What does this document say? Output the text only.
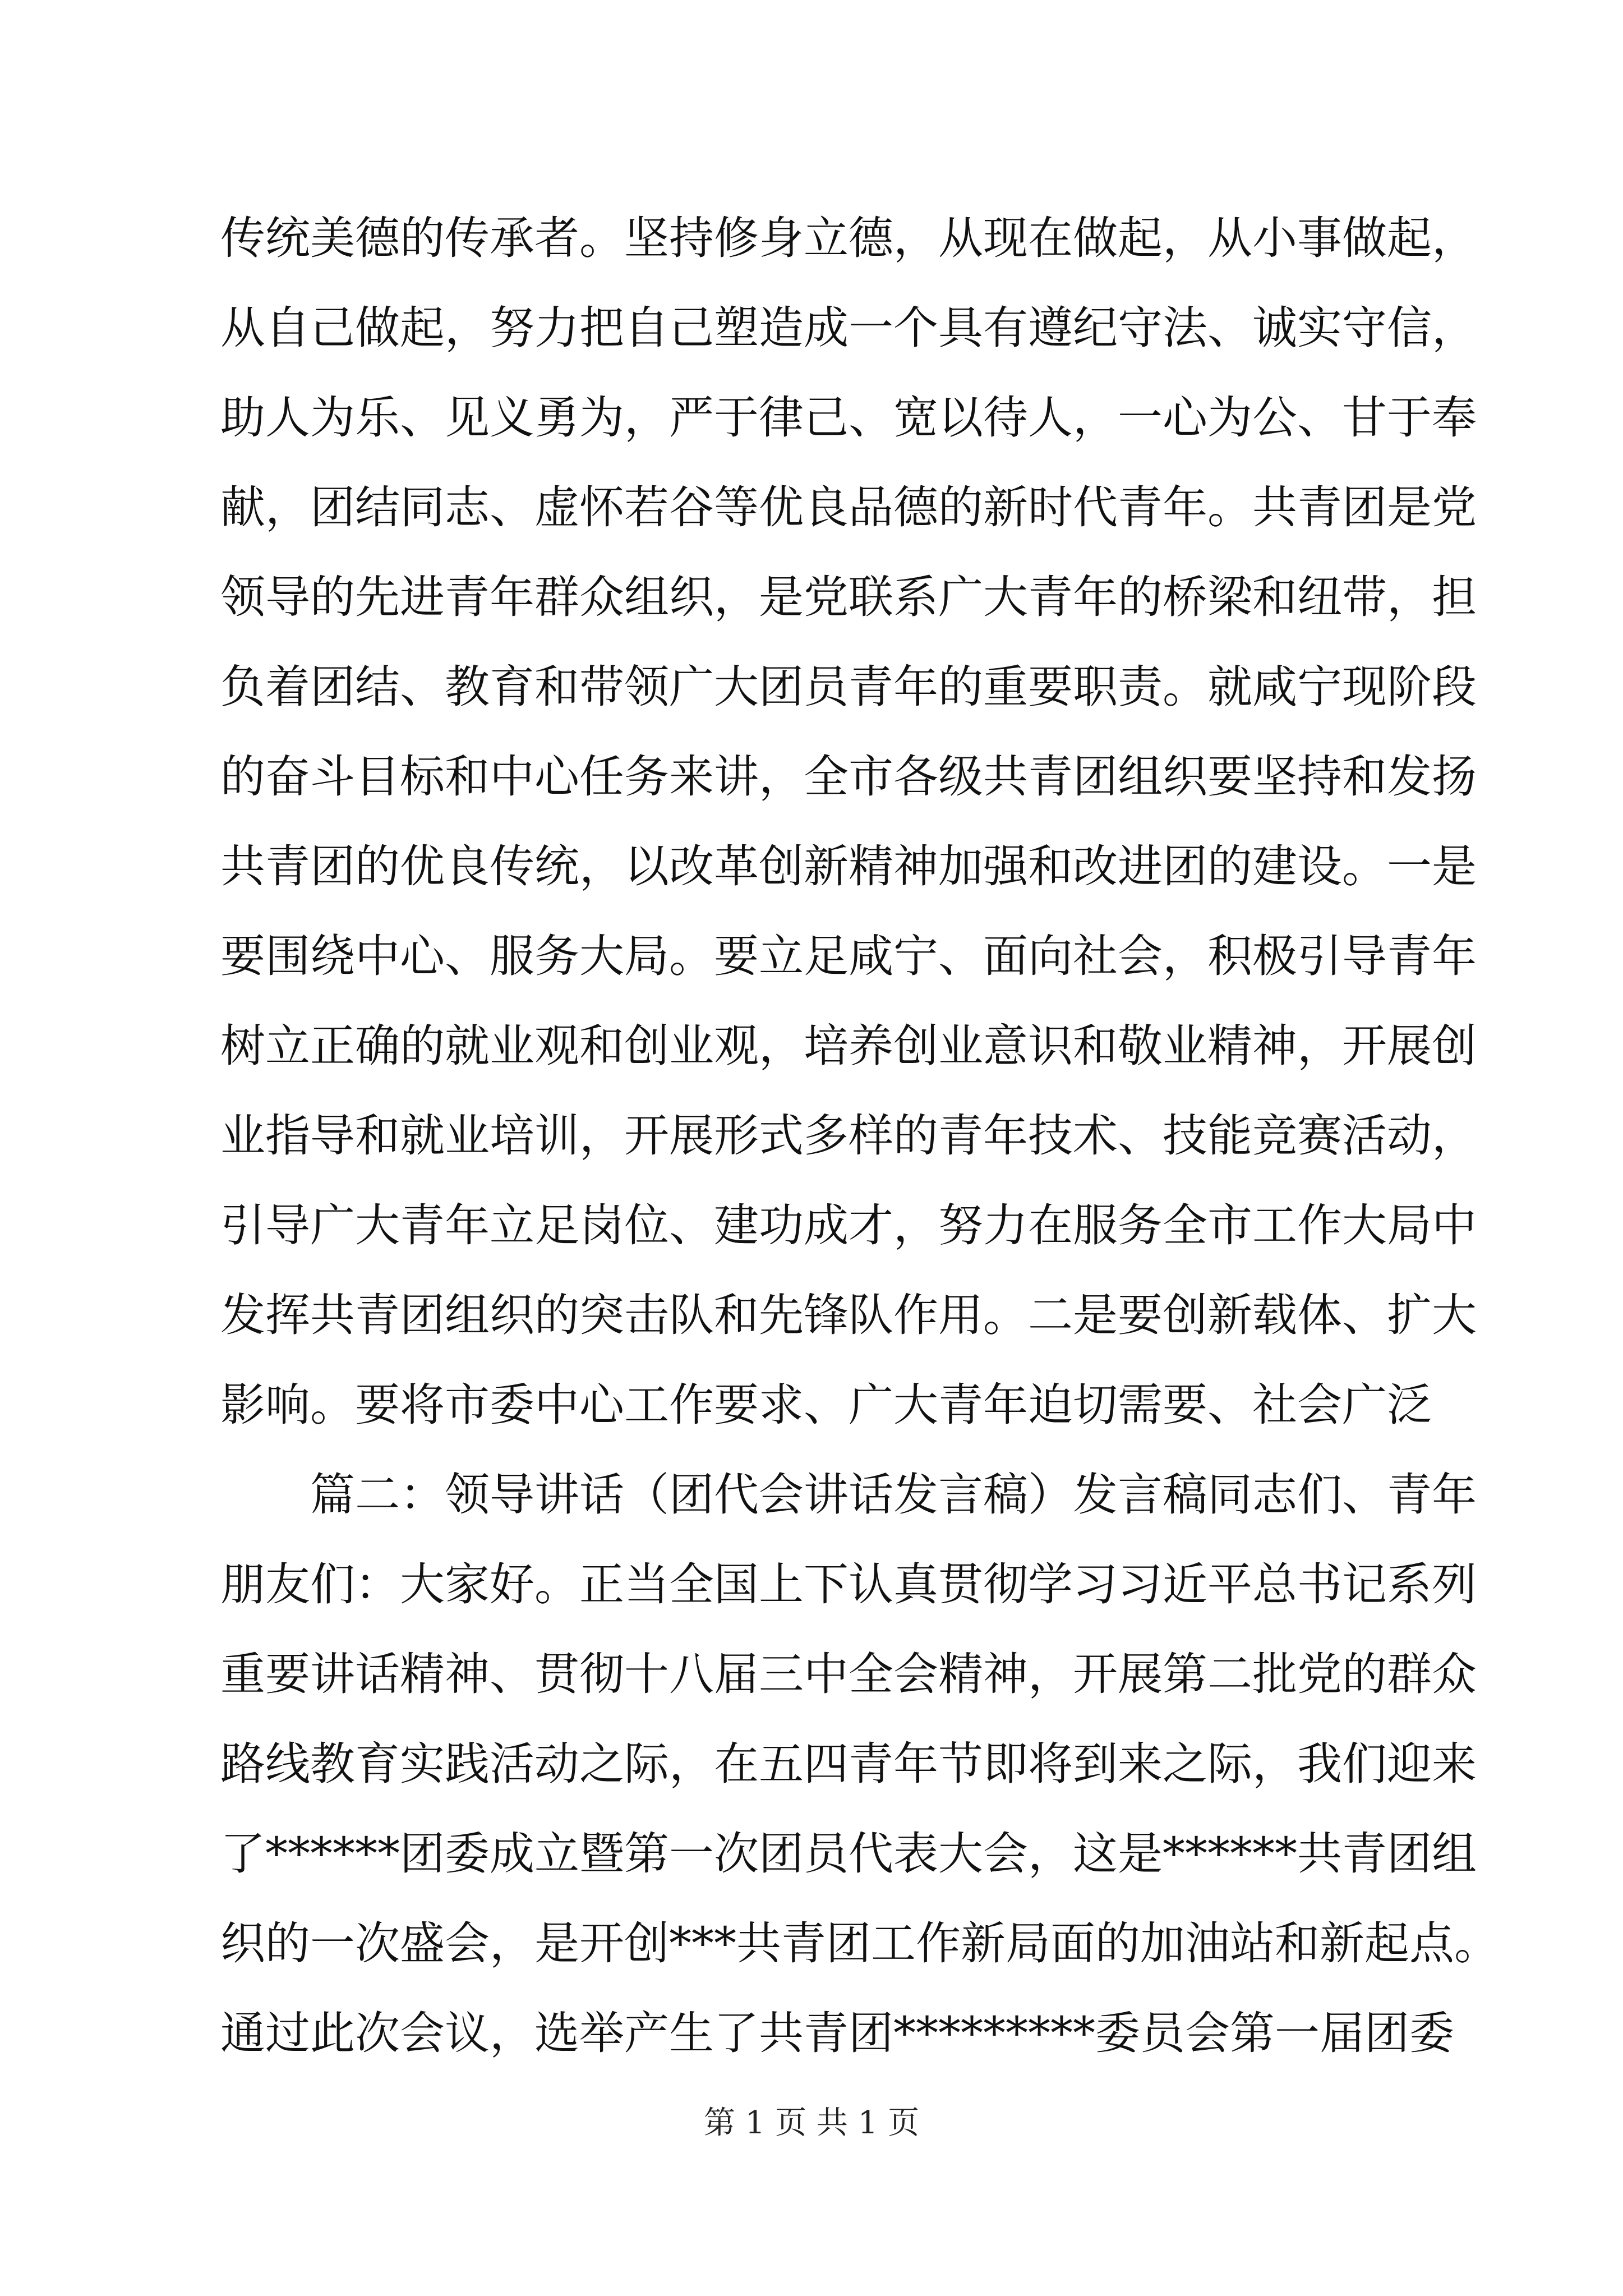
传统美德的传承者。坚持修身立德，从现在做起，从小事做起，
从自己做起，努力把自己塑造成一个具有遵纪守法、诚实守信，
助人为乐、见义勇为，严于律己、宽以待人，一心为公、甘于奉
献，团结同志、虚怀若谷等优良品德的新时代青年。共青团是党
领导的先进青年群众组织，是党联系广大青年的桥梁和纽带，担
负着团结、教育和带领广大团员青年的重要职责。就咸宁现阶段
的奋斗目标和中心任务来讲，全市各级共青团组织要坚持和发扬
共青团的优良传统，以改革创新精神加强和改进团的建设。一是
要围绕中心、服务大局。要立足咸宁、面向社会，积极引导青年
树立正确的就业观和创业观，培养创业意识和敬业精神，开展创
业指导和就业培训，开展形式多样的青年技术、技能竞赛活动，
引导广大青年立足岗位、建功成才，努力在服务全市工作大局中
发挥共青团组织的突击队和先锋队作用。二是要创新载体、扩大
影响。要将市委中心工作要求、广大青年迫切需要、社会广泛
篇二：领导讲话（团代会讲话发言稿）发言稿同志们、青年
朋友们：大家好。正当全国上下认真贯彻学习习近平总书记系列
重要讲话精神、贯彻十八届三中全会精神，开展第二批党的群众
路线教育实践活动之际，在五四青年节即将到来之际，我们迎来
了******团委成立暨第一次团员代表大会，这是******共青团组
织的一次盛会，是开创***共青团工作新局面的加油站和新起点。
通过此次会议，选举产生了共青团*********委员会第一届团委
第 1 页 共 1 页
